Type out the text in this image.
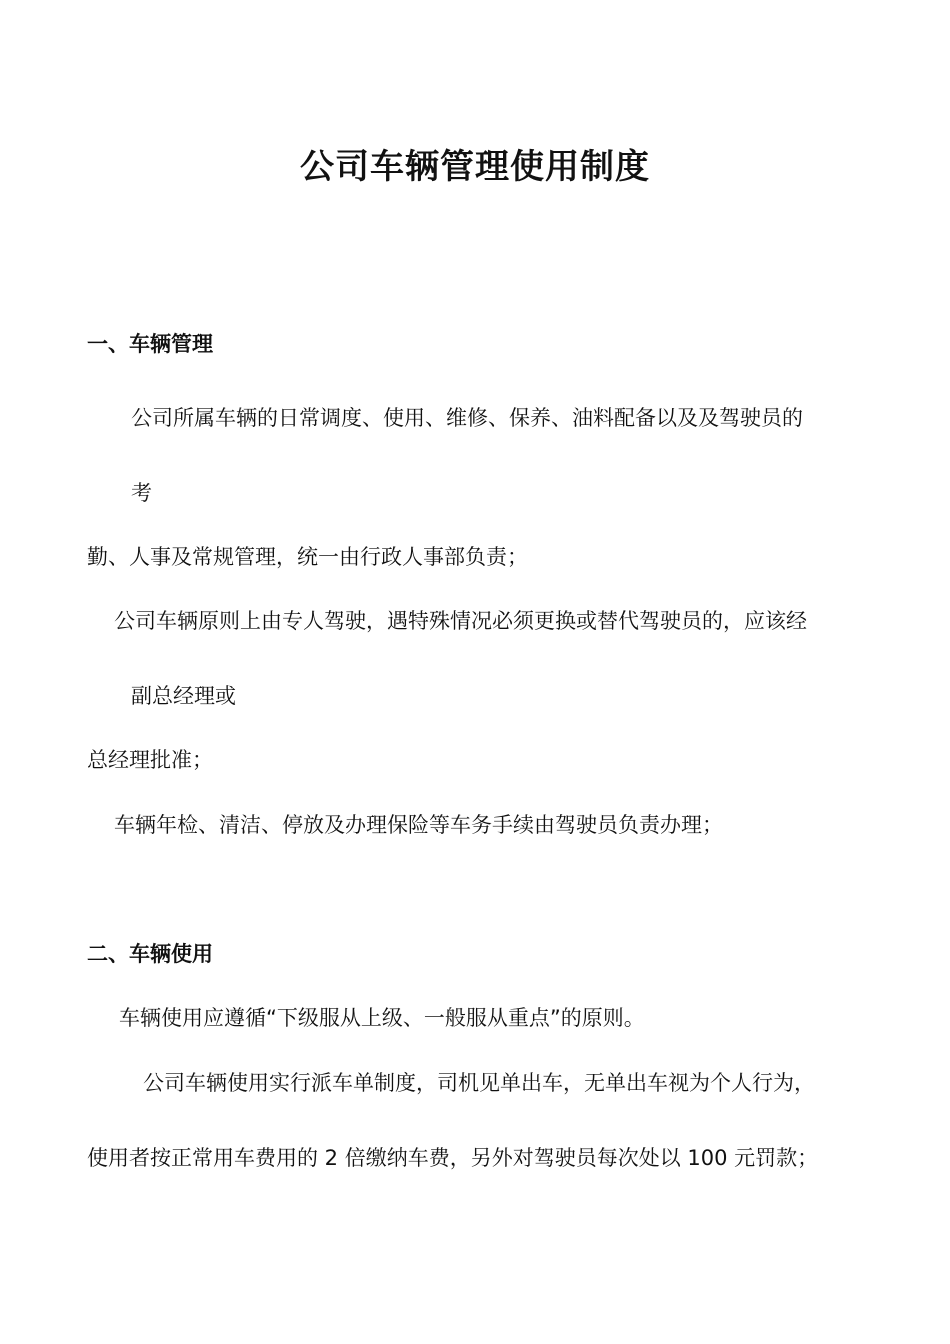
公司车辆管理使用制度
一、车辆管理
公司所属车辆的日常调度、使用、维修、保养、油料配备以及及驾驶员的
考
勤、人事及常规管理，统一由行政人事部负责；
公司车辆原则上由专人驾驶，遇特殊情况必须更换或替代驾驶员的，应该经
副总经理或
总经理批准；
车辆年检、清洁、停放及办理保险等车务手续由驾驶员负责办理；
二、车辆使用
车辆使用应遵循“下级服从上级、一般服从重点”的原则。
公司车辆使用实行派车单制度，司机见单出车，无单出车视为个人行为，
使用者按正常用车费用的 2 倍缴纳车费，另外对驾驶员每次处以 100 元罚款；
